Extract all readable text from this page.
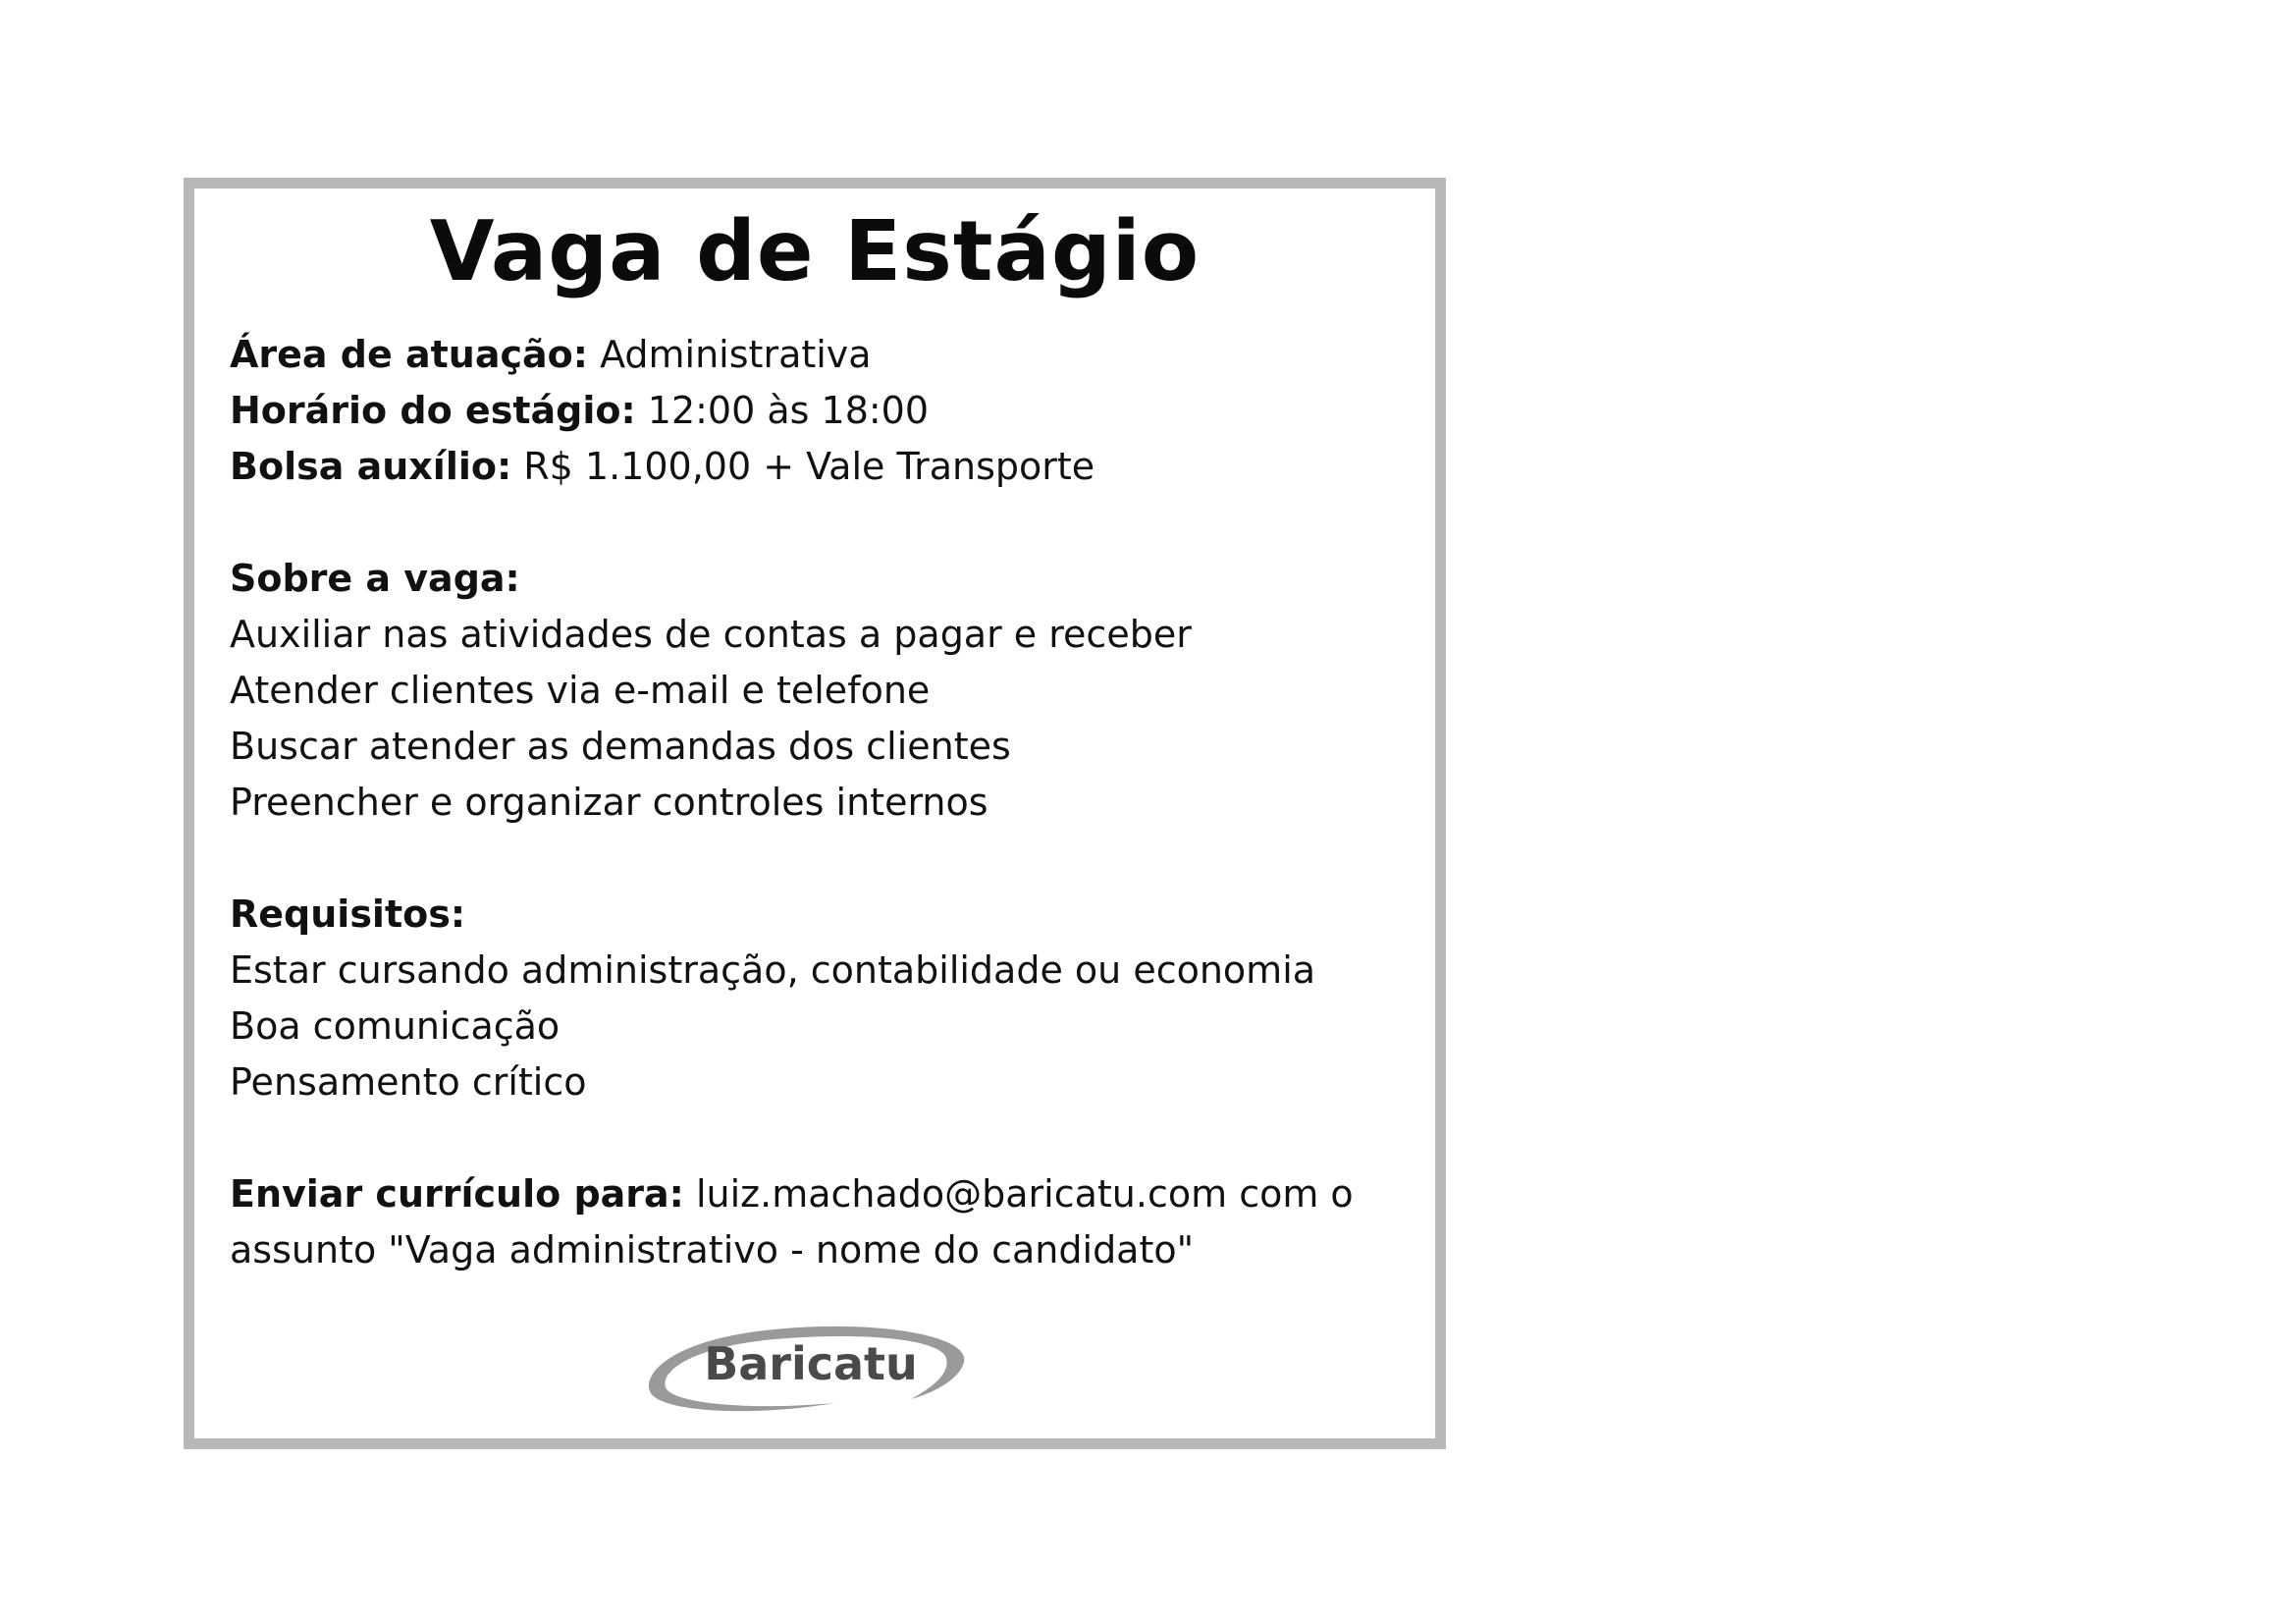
Vaga de Estágio
Área de atuação: Administrativa
Horário do estágio: 12:00 às 18:00
Bolsa auxílio: R$ 1.100,00 + Vale Transporte
Sobre a vaga:
Auxiliar nas atividades de contas a pagar e receber
Atender clientes via e-mail e telefone
Buscar atender as demandas dos clientes
Preencher e organizar controles internos
Requisitos:
Estar cursando administração, contabilidade ou economia
Boa comunicação
Pensamento crítico
Enviar currículo para: luiz.machado@baricatu.com com o
assunto "Vaga administrativo - nome do candidato"
Baricatu
